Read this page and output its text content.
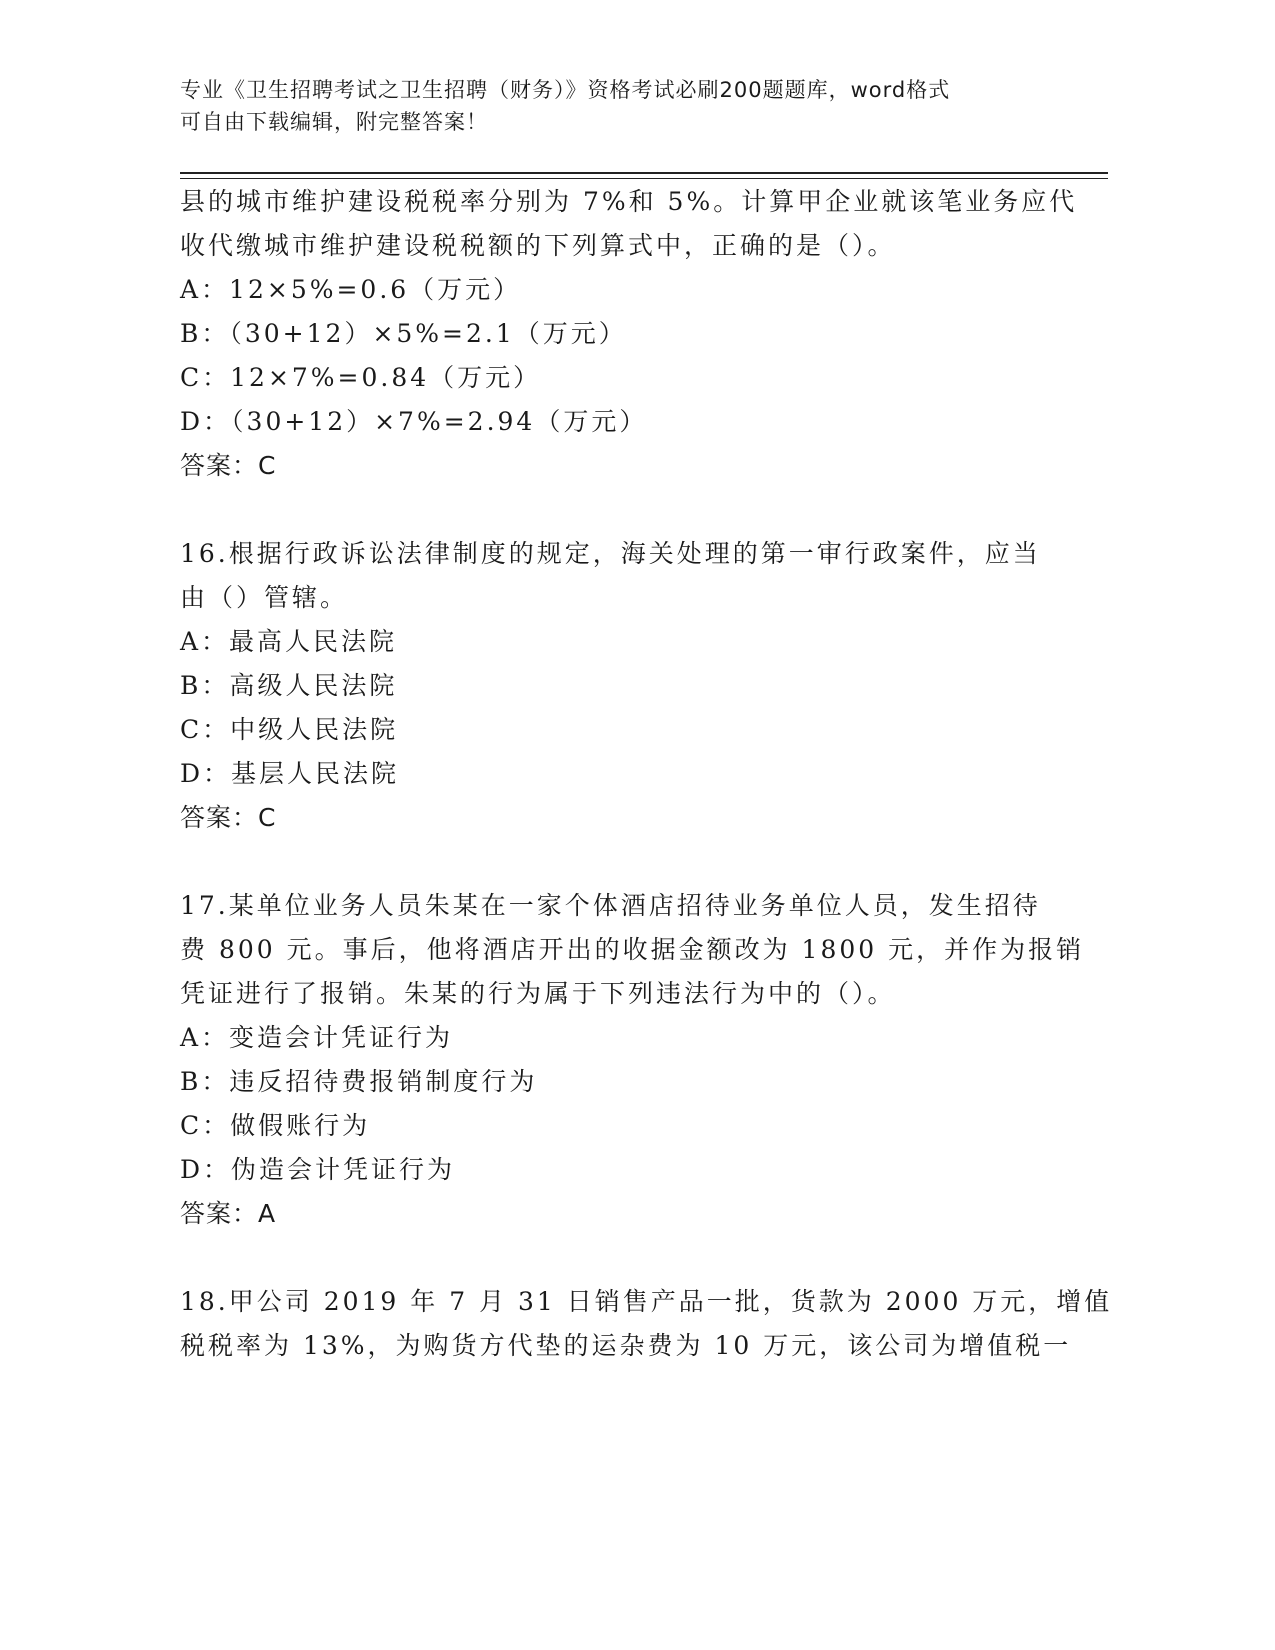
专业《卫生招聘考试之卫生招聘（财务）》资格考试必刷200题题库，word格式
可自由下载编辑，附完整答案！
县的城市维护建设税税率分别为 7%和 5%。计算甲企业就该笔业务应代
收代缴城市维护建设税税额的下列算式中，正确的是（）。
A：12×5%=0.6（万元）
B：（30+12）×5%=2.1（万元）
C：12×7%=0.84（万元）
D：（30+12）×7%=2.94（万元）
答案：C
16.根据行政诉讼法律制度的规定，海关处理的第一审行政案件，应当
由（）管辖。
A：最高人民法院
B：高级人民法院
C：中级人民法院
D：基层人民法院
答案：C
17.某单位业务人员朱某在一家个体酒店招待业务单位人员，发生招待
费 800 元。事后，他将酒店开出的收据金额改为 1800 元，并作为报销
凭证进行了报销。朱某的行为属于下列违法行为中的（）。
A：变造会计凭证行为
B：违反招待费报销制度行为
C：做假账行为
D：伪造会计凭证行为
答案：A
18.甲公司 2019 年 7 月 31 日销售产品一批，货款为 2000 万元，增值
税税率为 13%，为购货方代垫的运杂费为 10 万元，该公司为增值税一
